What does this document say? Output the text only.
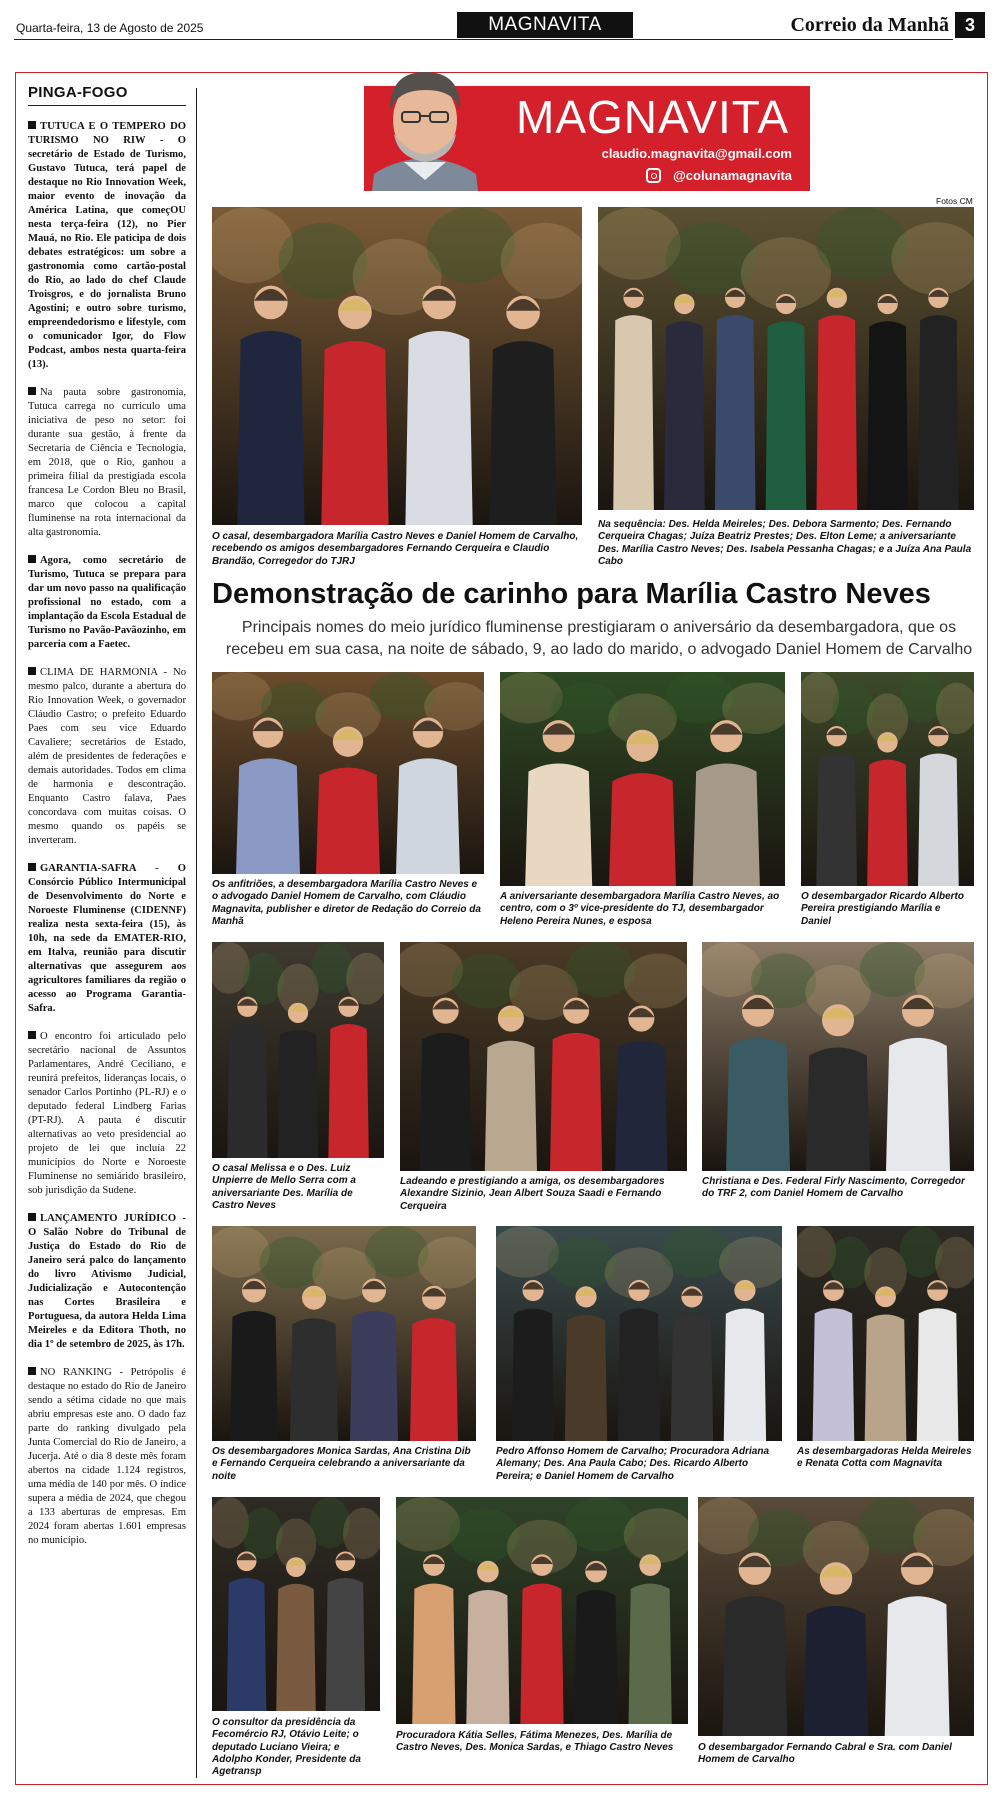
Quarta-feira, 13 de Agosto de 2025	MAGNAVITA	Correio da Manhã 3
PINGA-FOGO

TUTUCA E O TEMPERO DO TURISMO NO RIW - O secretário de Estado de Turismo, Gustavo Tutuca, terá papel de destaque no Rio Innovation Week, maior evento de inovação da América Latina, que começOU nesta terça-feira (12), no Pier Mauá, no Rio. Ele paticipa de dois debates estratégicos: um sobre a gastronomia como cartão-postal do Rio, ao lado do chef Claude Troisgros, e do jornalista Bruno Agostini; e outro sobre turismo, empreendedorismo e lifestyle, com o comunicador Igor, do Flow Podcast, ambos nesta quarta-feira (13).

Na pauta sobre gastronomia, Tutuca carrega no currículo uma iniciativa de peso no setor: foi durante sua gestão, à frente da Secretaria de Ciência e Tecnologia, em 2018, que o Rio, ganhou a primeira filial da prestigiada escola francesa Le Cordon Bleu no Brasil, marco que colocou a capital fluminense na rota internacional da alta gastronomia.

Agora, como secretário de Turismo, Tutuca se prepara para dar um novo passo na qualificação profissional no estado, com a implantação da Escola Estadual de Turismo no Pavão-Pavãozinho, em parceria com a Faetec.

CLIMA DE HARMONIA - No mesmo palco, durante a abertura do Rio Innovation Week, o governador Cláudio Castro; o prefeito Eduardo Paes com seu vice Eduardo Cavaliere; secretários de Estado, além de presidentes de federações e demais autoridades. Todos em clima de harmonia e descontração. Enquanto Castro falava, Paes concordava com muitas coisas. O mesmo quando os papéis se inverteram.

GARANTIA-SAFRA - O Consórcio Público Intermunicipal de Desenvolvimento do Norte e Noroeste Fluminense (CIDENNF) realiza nesta sexta-feira (15), às 10h, na sede da EMATER-RIO, em Italva, reunião para discutir alternativas que assegurem aos agricultores familiares da região o acesso ao Programa Garantia-Safra.

O encontro foi articulado pelo secretário nacional de Assuntos Parlamentares, André Ceciliano, e reunirá prefeitos, lideranças locais, o senador Carlos Portinho (PL-RJ) e o deputado federal Lindberg Farias (PT-RJ). A pauta é discutir alternativas ao veto presidencial ao projeto de lei que incluía 22 municípios do Norte e Noroeste Fluminense no semiárido brasileiro, sob jurisdição da Sudene.

LANÇAMENTO JURÍDICO - O Salão Nobre do Tribunal de Justiça do Estado do Rio de Janeiro será palco do lançamento do livro Ativismo Judicial, Judicialização e Autocontenção nas Cortes Brasileira e Portuguesa, da autora Helda Lima Meireles e da Editora Thoth, no dia 1º de setembro de 2025, às 17h.

NO RANKING - Petrópolis é destaque no estado do Rio de Janeiro sendo a sétima cidade no que mais abriu empresas este ano. O dado faz parte do ranking divulgado pela Junta Comercial do Rio de Janeiro, a Jucerja. Até o dia 8 deste mês foram abertos na cidade 1.124 registros, uma média de 140 por mês. O índice supera a média de 2024, que chegou a 133 aberturas de empresas. Em 2024 foram abertas 1.601 empresas no município.

MAGNAVITA
claudio.magnavita@gmail.com
@colunamagnavita
Fotos CM
O casal, desembargadora Marília Castro Neves e Daniel Homem de Carvalho, recebendo os amigos desembargadores Fernando Cerqueira e Claudio Brandão, Corregedor do TJRJ
Na sequência: Des. Helda Meireles; Des. Debora Sarmento; Des. Fernando Cerqueira Chagas; Juíza Beatriz Prestes; Des. Elton Leme; a aniversariante Des. Marília Castro Neves; Des. Isabela Pessanha Chagas; e a Juíza Ana Paula Cabo
Demonstração de carinho para Marília Castro Neves
Principais nomes do meio jurídico fluminense prestigiaram o aniversário da desembargadora, que os recebeu em sua casa, na noite de sábado, 9, ao lado do marido, o advogado Daniel Homem de Carvalho
Os anfitriões, a desembargadora Marília Castro Neves e o advogado Daniel Homem de Carvalho, com Cláudio Magnavita, publisher e diretor de Redação do Correio da Manhã
A aniversariante desembargadora Marília Castro Neves, ao centro, com o 3º vice-presidente do TJ, desembargador Heleno Pereira Nunes, e esposa
O desembargador Ricardo Alberto Pereira prestigiando Marília e Daniel
O casal Melissa e o Des. Luiz Unpierre de Mello Serra com a aniversariante Des. Marília de Castro Neves
Ladeando e prestigiando a amiga, os desembargadores Alexandre Sizinio, Jean Albert Souza Saadi e Fernando Cerqueira
Christiana e Des. Federal Firly Nascimento, Corregedor do TRF 2, com Daniel Homem de Carvalho
Os desembargadores Monica Sardas, Ana Cristina Dib e Fernando Cerqueira celebrando a aniversariante da noite
Pedro Affonso Homem de Carvalho; Procuradora Adriana Alemany; Des. Ana Paula Cabo; Des. Ricardo Alberto Pereira; e Daniel Homem de Carvalho
As desembargadoras Helda Meireles e Renata Cotta com Magnavita
O consultor da presidência da Fecomércio RJ, Otávio Leite; o deputado Luciano Vieira; e Adolpho Konder, Presidente da Agetransp
Procuradora Kátia Selles, Fátima Menezes, Des. Marília de Castro Neves, Des. Monica Sardas, e Thiago Castro Neves	O desembargador Fernando Cabral e Sra. com Daniel Homem de Carvalho
